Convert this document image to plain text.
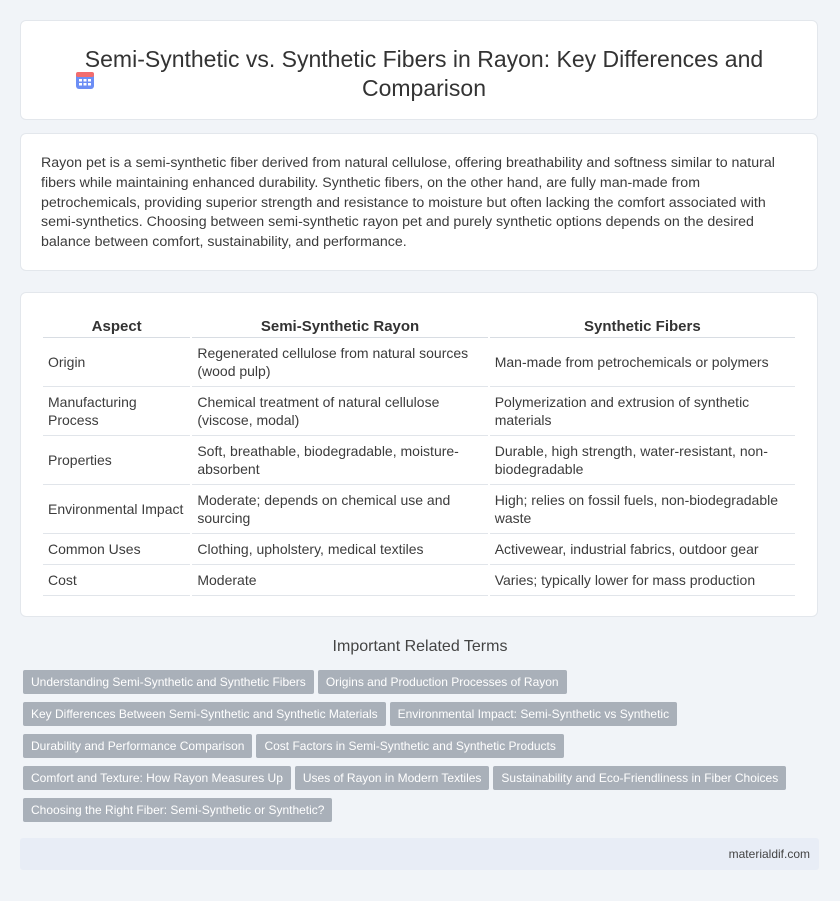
Semi-Synthetic vs. Synthetic Fibers in Rayon: Key Differences and Comparison

Rayon pet is a semi-synthetic fiber derived from natural cellulose, offering breathability and softness similar to natural fibers while maintaining enhanced durability. Synthetic fibers, on the other hand, are fully man-made from petrochemicals, providing superior strength and resistance to moisture but often lacking the comfort associated with semi-synthetics. Choosing between semi-synthetic rayon pet and purely synthetic options depends on the desired balance between comfort, sustainability, and performance.

Aspect	Semi-Synthetic Rayon	Synthetic Fibers
Origin	Regenerated cellulose from natural sources (wood pulp)	Man-made from petrochemicals or polymers
Manufacturing Process	Chemical treatment of natural cellulose (viscose, modal)	Polymerization and extrusion of synthetic materials
Properties	Soft, breathable, biodegradable, moisture-absorbent	Durable, high strength, water-resistant, non-biodegradable
Environmental Impact	Moderate; depends on chemical use and sourcing	High; relies on fossil fuels, non-biodegradable waste
Common Uses	Clothing, upholstery, medical textiles	Activewear, industrial fabrics, outdoor gear
Cost	Moderate	Varies; typically lower for mass production
Important Related Terms
Understanding Semi-Synthetic and Synthetic Fibers Origins and Production Processes of Rayon
Key Differences Between Semi-Synthetic and Synthetic Materials Environmental Impact: Semi-Synthetic vs Synthetic
Durability and Performance Comparison Cost Factors in Semi-Synthetic and Synthetic Products
Comfort and Texture: How Rayon Measures Up Uses of Rayon in Modern Textiles Sustainability and Eco-Friendliness in Fiber Choices
Choosing the Right Fiber: Semi-Synthetic or Synthetic?
materialdif.com
